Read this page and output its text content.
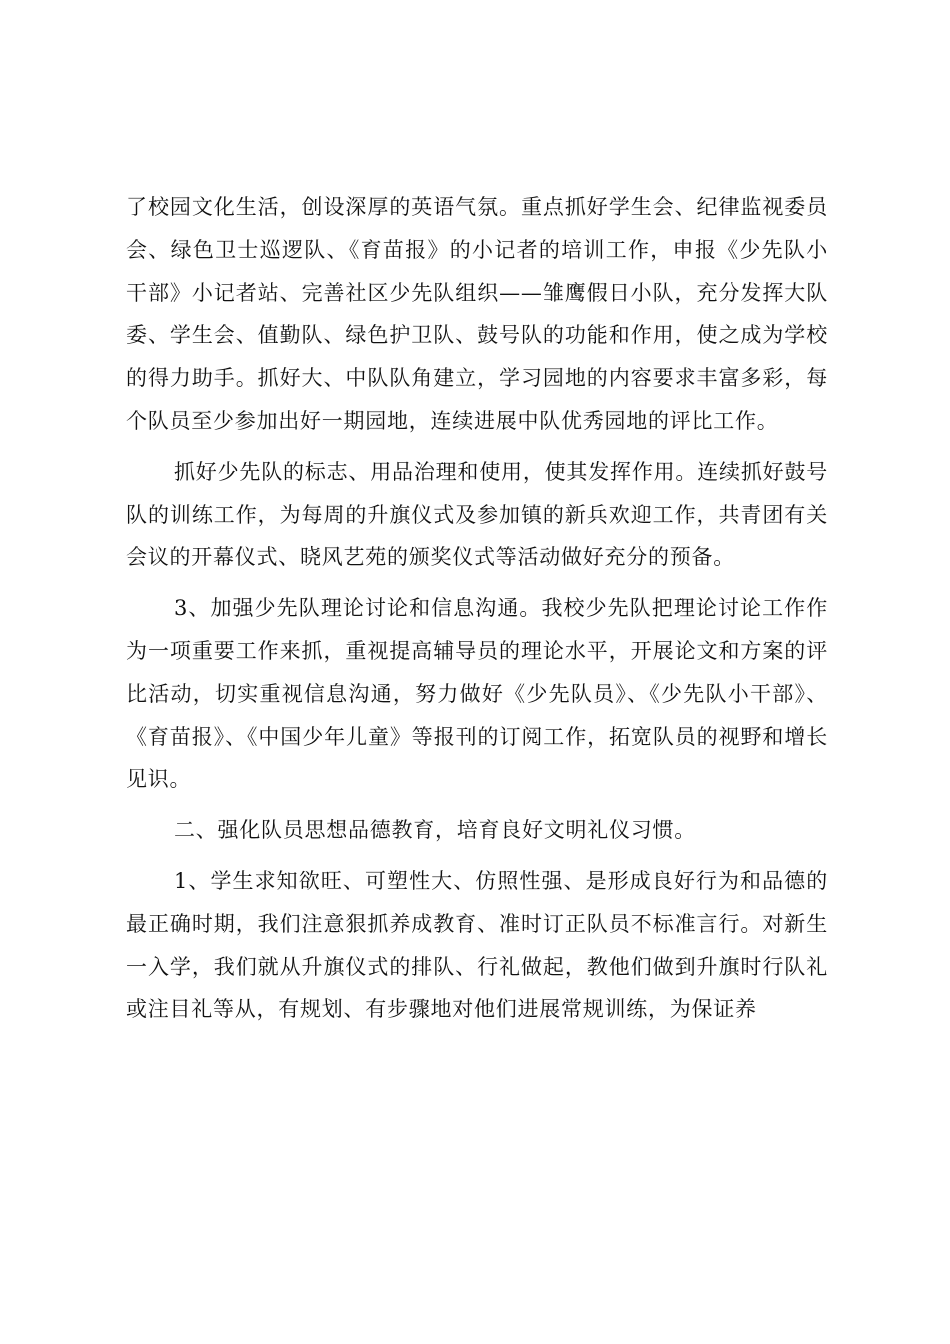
了校园文化生活，创设深厚的英语气氛。重点抓好学生会、纪律监视委员会、绿色卫士巡逻队、《育苗报》的小记者的培训工作，申报《少先队小干部》小记者站、完善社区少先队组织——雏鹰假日小队，充分发挥大队委、学生会、值勤队、绿色护卫队、鼓号队的功能和作用，使之成为学校的得力助手。抓好大、中队队角建立，学习园地的内容要求丰富多彩，每个队员至少参加出好一期园地，连续进展中队优秀园地的评比工作。

抓好少先队的标志、用品治理和使用，使其发挥作用。连续抓好鼓号队的训练工作，为每周的升旗仪式及参加镇的新兵欢迎工作，共青团有关会议的开幕仪式、晓风艺苑的颁奖仪式等活动做好充分的预备。

3、加强少先队理论讨论和信息沟通。我校少先队把理论讨论工作作为一项重要工作来抓，重视提高辅导员的理论水平，开展论文和方案的评比活动，切实重视信息沟通，努力做好《少先队员》、《少先队小干部》、《育苗报》、《中国少年儿童》等报刊的订阅工作，拓宽队员的视野和增长见识。

二、强化队员思想品德教育，培育良好文明礼仪习惯。

1、学生求知欲旺、可塑性大、仿照性强、是形成良好行为和品德的最正确时期，我们注意狠抓养成教育、准时订正队员不标准言行。对新生一入学，我们就从升旗仪式的排队、行礼做起，教他们做到升旗时行队礼或注目礼等从，有规划、有步骤地对他们进展常规训练，为保证养
